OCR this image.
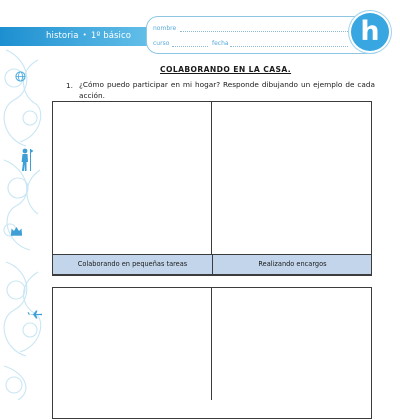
historia • 1º básico
nombre
curso	fecha	h
COLABORANDO EN LA CASA.
1. ¿Cómo puedo participar en mi hogar? Responde dibujando un ejemplo de cada acción.
Colaborando en pequeñas tareas	Realizando encargos
